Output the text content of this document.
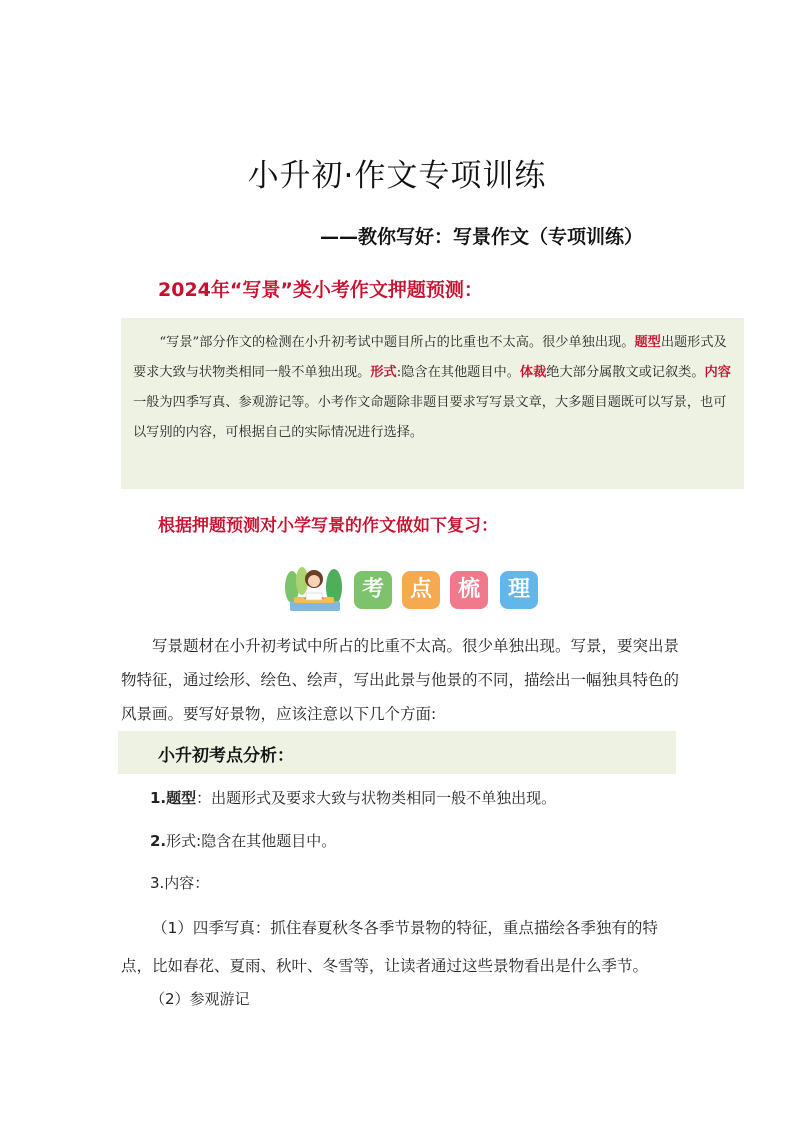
小升初·作文专项训练
——教你写好：写景作文（专项训练）
2024年“写景”类小考作文押题预测：

“写景”部分作文的检测在小升初考试中题目所占的比重也不太高。很少单独出现。题型出题形式及要求大致与状物类相同一般不单独出现。形式:隐含在其他题目中。体裁绝大部分属散文或记叙类。内容一般为四季写真、参观游记等。小考作文命题除非题目要求写写景文章，大多题目题既可以写景，也可以写别的内容，可根据自己的实际情况进行选择。

根据押题预测对小学写景的作文做如下复习：
考	点	梳	理

写景题材在小升初考试中所占的比重不太高。很少单独出现。写景，要突出景物特征，通过绘形、绘色、绘声，写出此景与他景的不同，描绘出一幅独具特色的风景画。要写好景物，应该注意以下几个方面:

小升初考点分析：
1.题型：出题形式及要求大致与状物类相同一般不单独出现。
2.形式:隐含在其他题目中。
3.内容：

（1）四季写真：抓住春夏秋冬各季节景物的特征，重点描绘各季独有的特点，比如春花、夏雨、秋叶、冬雪等，让读者通过这些景物看出是什么季节。

（2）参观游记
